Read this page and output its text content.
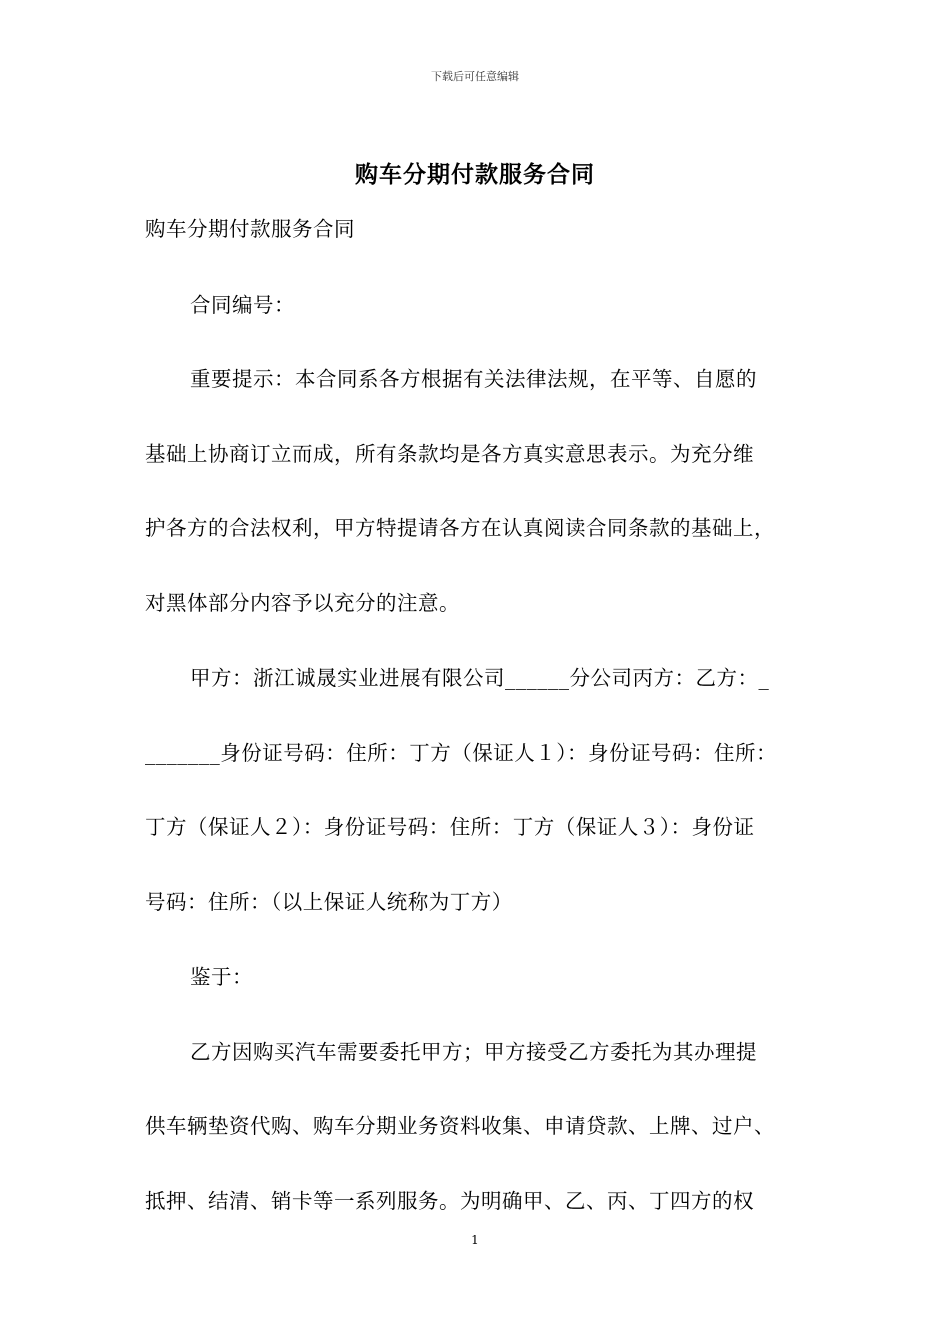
下载后可任意编辑
购车分期付款服务合同
购车分期付款服务合同
合同编号：
重要提示：本合同系各方根据有关法律法规，在平等、自愿的
基础上协商订立而成，所有条款均是各方真实意思表示。为充分维
护各方的合法权利，甲方特提请各方在认真阅读合同条款的基础上，
对黑体部分内容予以充分的注意。
甲方：浙江诚晟实业进展有限公司______分公司丙方：乙方：_
_______身份证号码：住所：丁方（保证人１）：身份证号码：住所：
丁方（保证人２）：身份证号码：住所：丁方（保证人３）：身份证
号码：住所：（以上保证人统称为丁方）
鉴于：
乙方因购买汽车需要委托甲方；甲方接受乙方委托为其办理提
供车辆垫资代购、购车分期业务资料收集、申请贷款、上牌、过户、
抵押、结清、销卡等一系列服务。为明确甲、乙、丙、丁四方的权
1
